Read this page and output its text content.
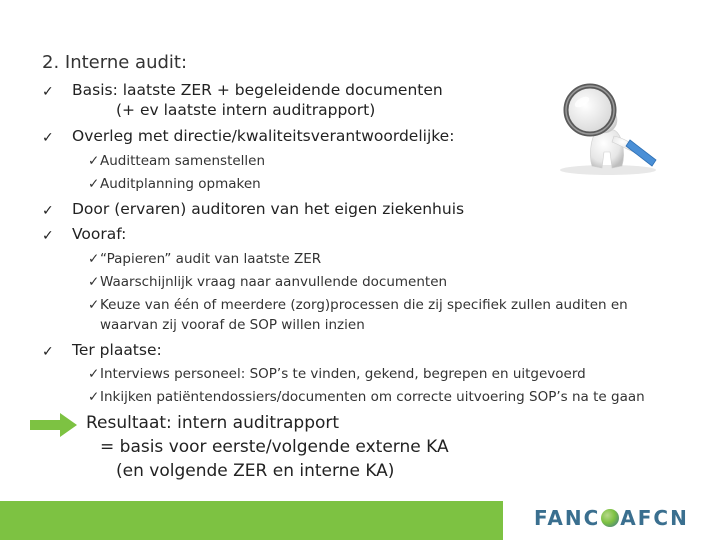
2. Interne audit:
✓ Basis: laatste ZER + begeleidende documenten
(+ ev laatste intern auditrapport)
✓ Overleg met directie/kwaliteitsverantwoordelijke:
✓Auditteam samenstellen
✓Auditplanning opmaken
✓ Door (ervaren) auditoren van het eigen ziekenhuis
✓ Vooraf:
✓“Papieren” audit van laatste ZER
✓Waarschijnlijk vraag naar aanvullende documenten
✓Keuze van één of meerdere (zorg)processen die zij specifiek zullen auditen en
waarvan zij vooraf de SOP willen inzien
✓ Ter plaatse:
✓Interviews personeel: SOP’s te vinden, gekend, begrepen en uitgevoerd
✓Inkijken patiëntendossiers/documenten om correcte uitvoering SOP’s na te gaan
Resultaat: intern auditrapport
= basis voor eerste/volgende externe KA
(en volgende ZER en interne KA)
FANC AFCN
